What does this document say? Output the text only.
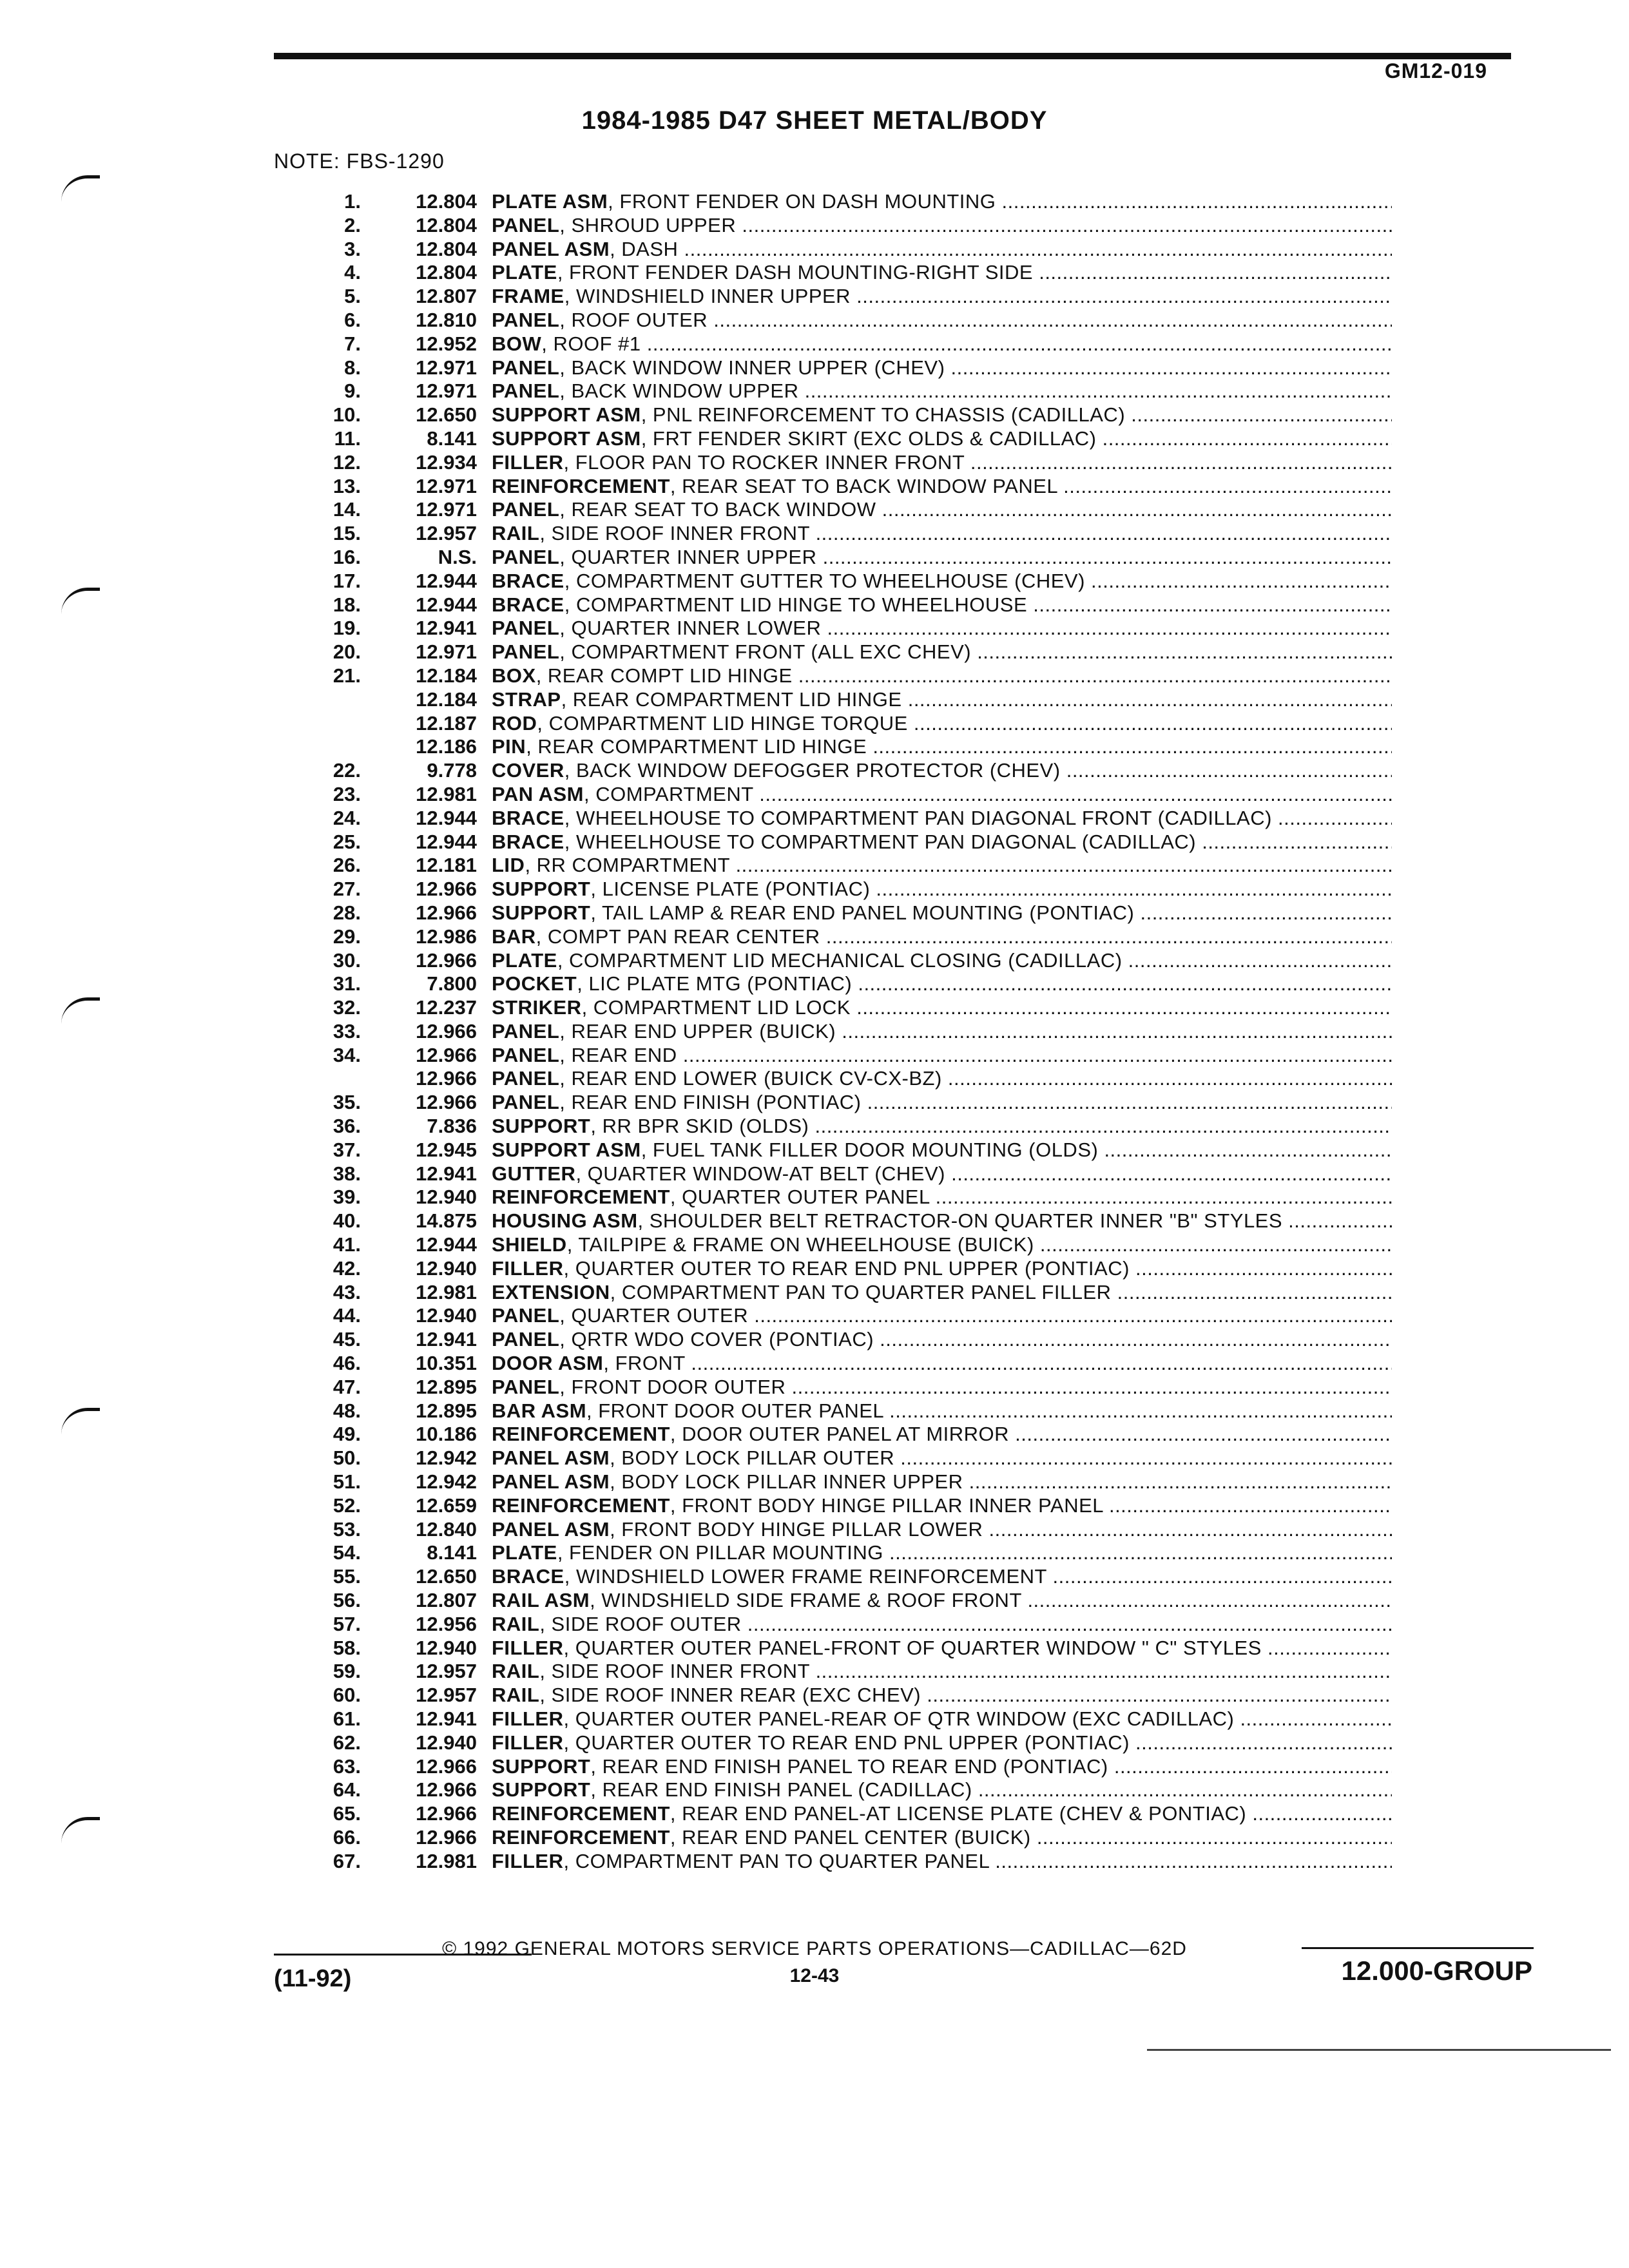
GM12-019
1984-1985 D47 SHEET METAL/BODY
NOTE: FBS-1290
1.	12.804 PLATE ASM, FRONT FENDER ON DASH MOUNTING .....
2.	12.804 PANEL, SHROUD UPPER .....
3.	12.804 PANEL ASM, DASH .....
4.	12.804 PLATE, FRONT FENDER DASH MOUNTING-RIGHT SIDE .....
5.	12.807 FRAME, WINDSHIELD INNER UPPER .....
6.	12.810 PANEL, ROOF OUTER .....
7.	12.952 BOW, ROOF #1 .....
8.	12.971 PANEL, BACK WINDOW INNER UPPER (CHEV) .....
9.	12.971 PANEL, BACK WINDOW UPPER .....
10.	12.650 SUPPORT ASM, PNL REINFORCEMENT TO CHASSIS (CADILLAC) .....
11.	8.141 SUPPORT ASM, FRT FENDER SKIRT (EXC OLDS & CADILLAC) .....
12.	12.934 FILLER, FLOOR PAN TO ROCKER INNER FRONT .....
13.	12.971 REINFORCEMENT, REAR SEAT TO BACK WINDOW PANEL .....
14.	12.971 PANEL, REAR SEAT TO BACK WINDOW .....
15.	12.957 RAIL, SIDE ROOF INNER FRONT .....
16.	N.S. PANEL, QUARTER INNER UPPER .....
17.	12.944 BRACE, COMPARTMENT GUTTER TO WHEELHOUSE (CHEV) .....
18.	12.944 BRACE, COMPARTMENT LID HINGE TO WHEELHOUSE .....
19.	12.941 PANEL, QUARTER INNER LOWER .....
20.	12.971 PANEL, COMPARTMENT FRONT (ALL EXC CHEV) .....
21.	12.184 BOX, REAR COMPT LID HINGE .....
12.184 STRAP, REAR COMPARTMENT LID HINGE .....
12.187 ROD, COMPARTMENT LID HINGE TORQUE .....
12.186 PIN, REAR COMPARTMENT LID HINGE .....
22.	9.778 COVER, BACK WINDOW DEFOGGER PROTECTOR (CHEV) .....
23.	12.981 PAN ASM, COMPARTMENT .....
24.	12.944 BRACE, WHEELHOUSE TO COMPARTMENT PAN DIAGONAL FRONT (CADILLAC) .....
25.	12.944 BRACE, WHEELHOUSE TO COMPARTMENT PAN DIAGONAL (CADILLAC) .....
26.	12.181 LID, RR COMPARTMENT .....
27.	12.966 SUPPORT, LICENSE PLATE (PONTIAC) .....
28.	12.966 SUPPORT, TAIL LAMP & REAR END PANEL MOUNTING (PONTIAC) .....
29.	12.986 BAR, COMPT PAN REAR CENTER .....
30.	12.966 PLATE, COMPARTMENT LID MECHANICAL CLOSING (CADILLAC) .....
31.	7.800 POCKET, LIC PLATE MTG (PONTIAC) .....
32.	12.237 STRIKER, COMPARTMENT LID LOCK .....
33.	12.966 PANEL, REAR END UPPER (BUICK) .....
34.	12.966 PANEL, REAR END .....
12.966 PANEL, REAR END LOWER (BUICK CV-CX-BZ) .....
35.	12.966 PANEL, REAR END FINISH (PONTIAC) .....
36.	7.836 SUPPORT, RR BPR SKID (OLDS) .....
37.	12.945 SUPPORT ASM, FUEL TANK FILLER DOOR MOUNTING (OLDS) .....
38.	12.941 GUTTER, QUARTER WINDOW-AT BELT (CHEV) .....
39.	12.940 REINFORCEMENT, QUARTER OUTER PANEL .....
40.	14.875 HOUSING ASM, SHOULDER BELT RETRACTOR-ON QUARTER INNER "B" STYLES .....
41.	12.944 SHIELD, TAILPIPE & FRAME ON WHEELHOUSE (BUICK) .....
42.	12.940 FILLER, QUARTER OUTER TO REAR END PNL UPPER (PONTIAC) .....
43.	12.981 EXTENSION, COMPARTMENT PAN TO QUARTER PANEL FILLER .....
44.	12.940 PANEL, QUARTER OUTER .....
45.	12.941 PANEL, QRTR WDO COVER (PONTIAC) .....
46.	10.351 DOOR ASM, FRONT .....
47.	12.895 PANEL, FRONT DOOR OUTER .....
48.	12.895 BAR ASM, FRONT DOOR OUTER PANEL .....
49.	10.186 REINFORCEMENT, DOOR OUTER PANEL AT MIRROR .....
50.	12.942 PANEL ASM, BODY LOCK PILLAR OUTER .....
51.	12.942 PANEL ASM, BODY LOCK PILLAR INNER UPPER .....
52.	12.659 REINFORCEMENT, FRONT BODY HINGE PILLAR INNER PANEL .....
53.	12.840 PANEL ASM, FRONT BODY HINGE PILLAR LOWER .....
54.	8.141 PLATE, FENDER ON PILLAR MOUNTING .....
55.	12.650 BRACE, WINDSHIELD LOWER FRAME REINFORCEMENT .....
56.	12.807 RAIL ASM, WINDSHIELD SIDE FRAME & ROOF FRONT .....
57.	12.956 RAIL, SIDE ROOF OUTER .....
58.	12.940 FILLER, QUARTER OUTER PANEL-FRONT OF QUARTER WINDOW " C" STYLES .....
59.	12.957 RAIL, SIDE ROOF INNER FRONT .....
60.	12.957 RAIL, SIDE ROOF INNER REAR (EXC CHEV) .....
61.	12.941 FILLER, QUARTER OUTER PANEL-REAR OF QTR WINDOW (EXC CADILLAC) .....
62.	12.940 FILLER, QUARTER OUTER TO REAR END PNL UPPER (PONTIAC) .....
63.	12.966 SUPPORT, REAR END FINISH PANEL TO REAR END (PONTIAC) .....
64.	12.966 SUPPORT, REAR END FINISH PANEL (CADILLAC) .....
65.	12.966 REINFORCEMENT, REAR END PANEL-AT LICENSE PLATE (CHEV & PONTIAC) .....
66.	12.966 REINFORCEMENT, REAR END PANEL CENTER (BUICK) .....
67.	12.981 FILLER, COMPARTMENT PAN TO QUARTER PANEL .....
© 1992 GENERAL MOTORS SERVICE PARTS OPERATIONS—CADILLAC—62D
12-43
(11-92)	12.000-GROUP
